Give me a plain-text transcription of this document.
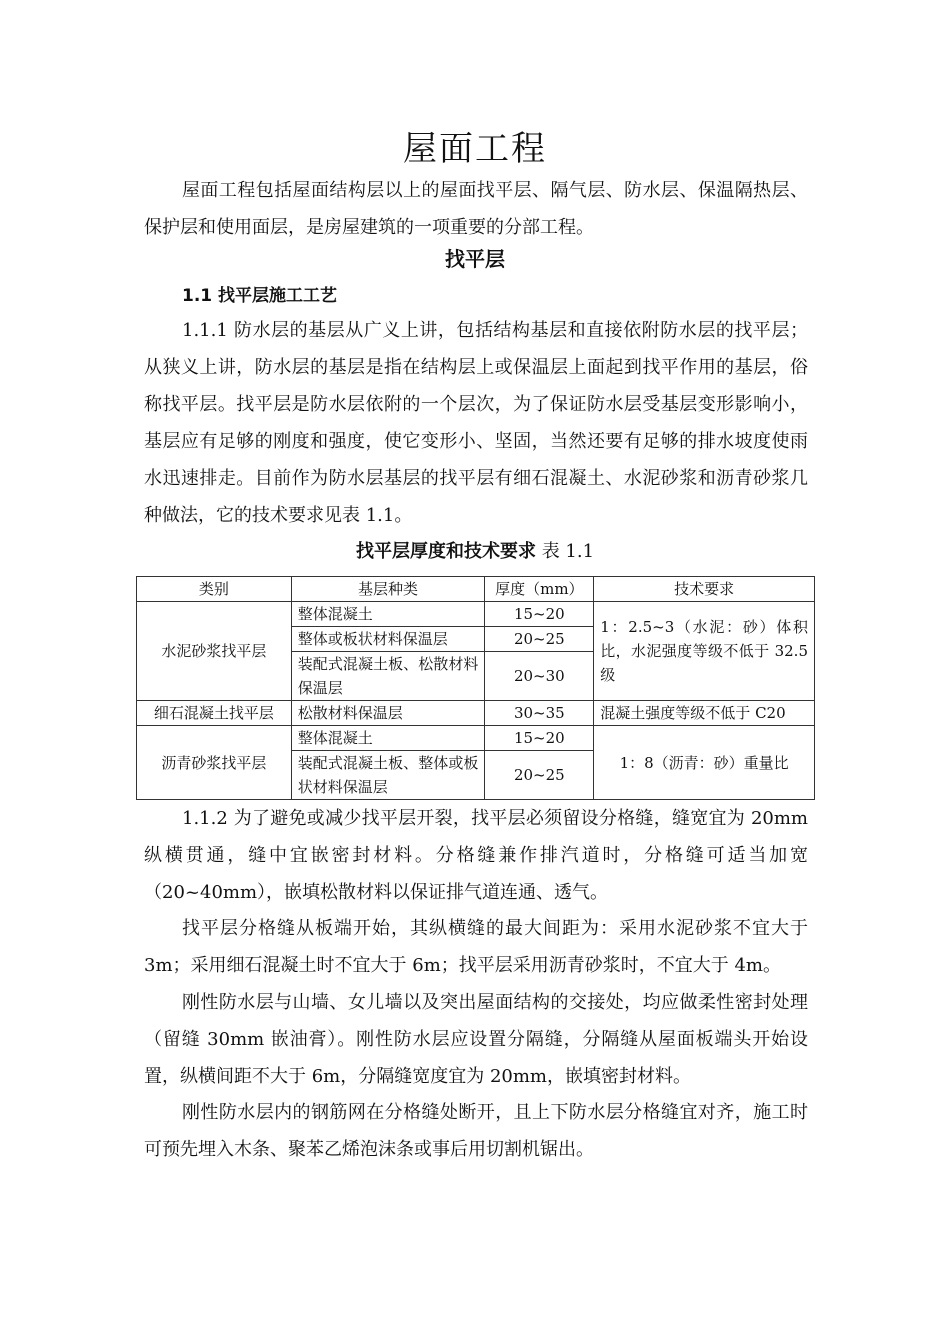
屋面工程

屋面工程包括屋面结构层以上的屋面找平层、隔气层、防水层、保温隔热层、保护层和使用面层，是房屋建筑的一项重要的分部工程。

找平层
1.1 找平层施工工艺

1.1.1 防水层的基层从广义上讲，包括结构基层和直接依附防水层的找平层；从狭义上讲，防水层的基层是指在结构层上或保温层上面起到找平作用的基层，俗称找平层。找平层是防水层依附的一个层次，为了保证防水层受基层变形影响小，基层应有足够的刚度和强度，使它变形小、坚固，当然还要有足够的排水坡度使雨水迅速排走。目前作为防水层基层的找平层有细石混凝土、水泥砂浆和沥青砂浆几种做法，它的技术要求见表 1.1。

找平层厚度和技术要求 表 1.1
类别	基层种类	厚度（mm）	技术要求
水泥砂浆找平层	整体混凝土	15~20	1：2.5~3（水泥：砂）体积比，水泥强度等级不低于 32.5 级
	整体或板状材料保温层	20~25	
	装配式混凝土板、松散材料保温层	20~30	
细石混凝土找平层	松散材料保温层	30~35	混凝土强度等级不低于 C20
沥青砂浆找平层	整体混凝土	15~20	1：8（沥青：砂）重量比
	装配式混凝土板、整体或板状材料保温层	20~25	

1.1.2 为了避免或减少找平层开裂，找平层必须留设分格缝，缝宽宜为 20mm 纵横贯通，缝中宜嵌密封材料。分格缝兼作排汽道时，分格缝可适当加宽（20~40mm），嵌填松散材料以保证排气道连通、透气。

找平层分格缝从板端开始，其纵横缝的最大间距为：采用水泥砂浆不宜大于 3m；采用细石混凝土时不宜大于 6m；找平层采用沥青砂浆时，不宜大于 4m。

刚性防水层与山墙、女儿墙以及突出屋面结构的交接处，均应做柔性密封处理（留缝 30mm 嵌油膏）。刚性防水层应设置分隔缝，分隔缝从屋面板端头开始设置，纵横间距不大于 6m，分隔缝宽度宜为 20mm，嵌填密封材料。

刚性防水层内的钢筋网在分格缝处断开，且上下防水层分格缝宜对齐，施工时可预先埋入木条、聚苯乙烯泡沫条或事后用切割机锯出。
